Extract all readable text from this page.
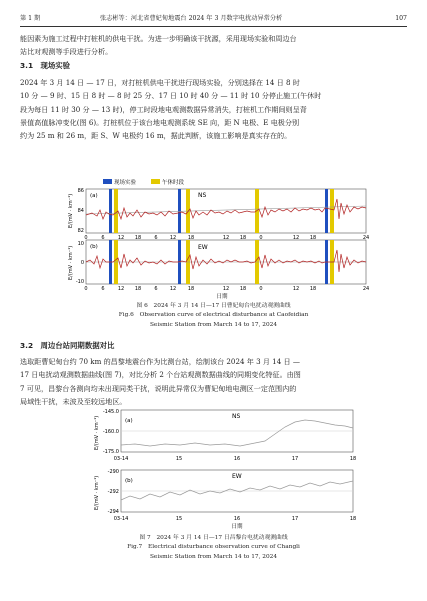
第 1 期	张志彬等：河北省曹妃甸地震台 2024 年 3 月数字电扰动异常分析	107
能因素为施工过程中打桩机的供电干扰。为进一步明确该干扰源，采用现场实验和周边台
站比对观测等手段进行分析。
3.1　现场实验
2024 年 3 月 14 日 — 17 日，对打桩机供电干扰进行现场实验，分别选择在 14 日 8 时
10 分 — 9 时、15 日 8 时 — 8 时 25 分、17 日 10 时 40 分 — 11 时 10 分停止施工(午休时
段为每日 11 时 30 分 — 13 时)，停工时段地电观测数据异常消失，打桩机工作期间则呈背
景值高值脉冲变化(图 6)。打桩机位于该台地电观测系统 SE 向，距 N 电极、E 电极分别
约为 25 m 和 26 m，距 S、W 电极约 16 m，据此判断，该施工影响是真实存在的。
现场实验	午休时段
(a)
(b)
NS
EW
86
84
82
10
0
-10
E/(mV · km⁻¹)
E/(mV · km⁻¹)
0	6	12 18	6 12 18	12 18	0	12 18	24
0	6	12 18	6 12 18	12 18	0	12 18	24
日期
图 6　2024 年 3 月 14 日—17 日曹妃甸台电扰动观测曲线
Fig.6　Observation curve of electrical disturbance at Caofeidian
Seismic Station from March 14 to 17, 2024
3.2　周边台站同期数据对比
选取距曹妃甸台约 70 km 的昌黎地震台作为比测台站，绘制该台 2024 年 3 月 14 日 —
17 日电扰动观测数据曲线(图 7)，对比分析 2 个台站观测数据曲线的同期变化特征。由图
7 可见，昌黎台各测向均未出现同类干扰，说明此异常仅为曹妃甸地电测区一定范围内的
局域性干扰，未波及至较远地区。
(a)
(b)
NS
EW
-145.0
-160.0
-175.0
-290
-292
-294
E/(mV · km⁻¹)
E/(mV · km⁻¹)
03-14	15	16	17	18
03-14	15	16	17	18
日期
图 7　2024 年 3 月 14 日—17 日昌黎台电扰动观测曲线
Fig.7　Electrical disturbance observation curve of Changli
Seismic Station from March 14 to 17, 2024
